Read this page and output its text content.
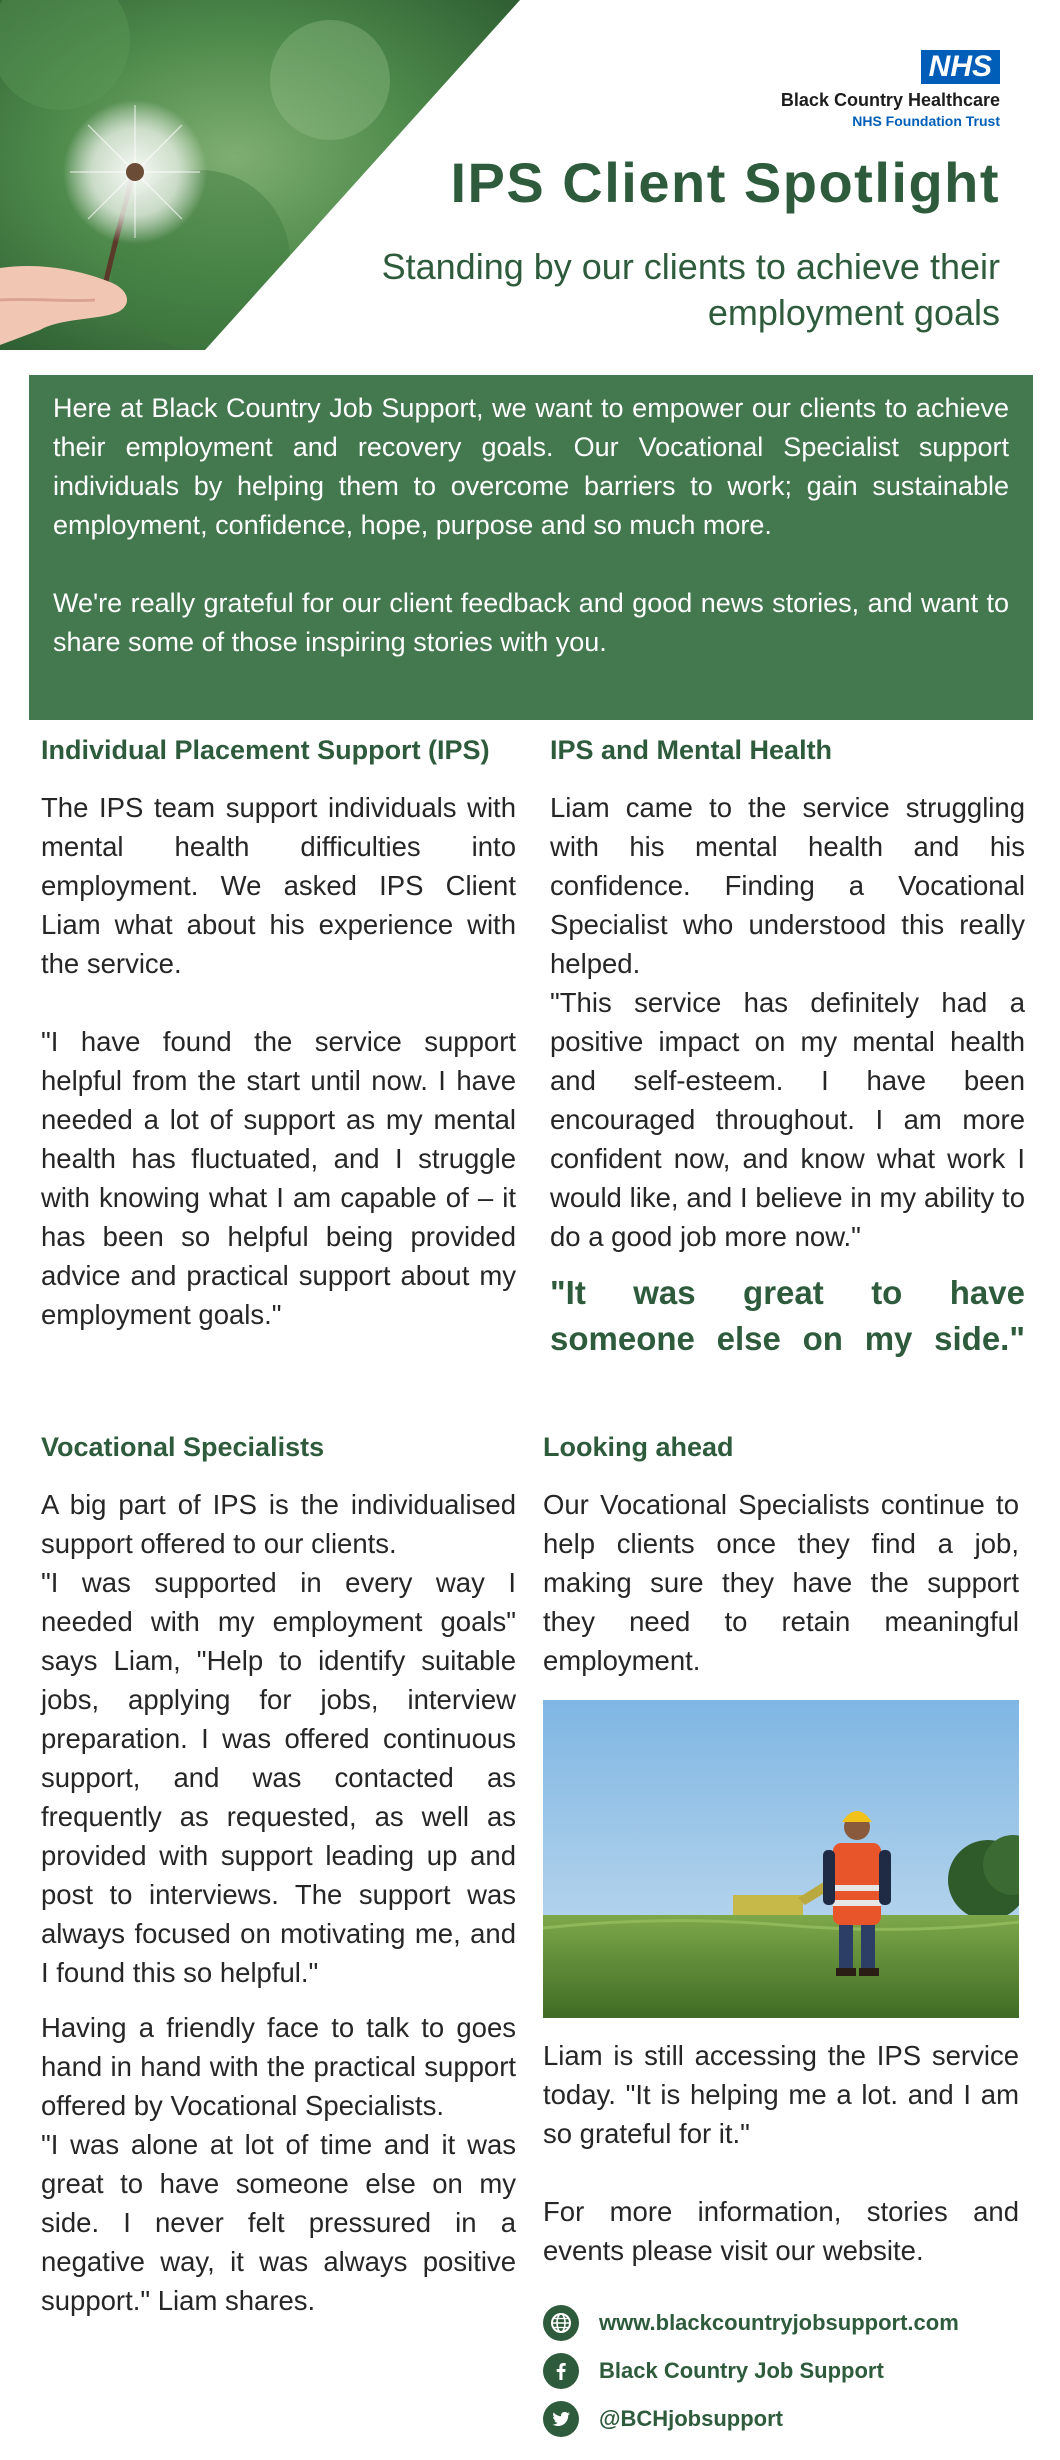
NHS
Black Country Healthcare
NHS Foundation Trust
IPS Client Spotlight
Standing by our clients to achieve their employment goals

Here at Black Country Job Support, we want to empower our clients to achieve their employment and recovery goals. Our Vocational Specialist support individuals by helping them to overcome barriers to work; gain sustainable employment, confidence, hope, purpose and so much more.

We're really grateful for our client feedback and good news stories, and want to share some of those inspiring stories with you.

Individual Placement Support (IPS)

The IPS team support individuals with mental health difficulties into employment. We asked IPS Client Liam what about his experience with the service.

"I have found the service support helpful from the start until now. I have needed a lot of support as my mental health has fluctuated, and I struggle with knowing what I am capable of – it has been so helpful being provided advice and practical support about my employment goals."

IPS and Mental Health

Liam came to the service struggling with his mental health and his confidence. Finding a Vocational Specialist who understood this really helped.

"This service has definitely had a positive impact on my mental health and self-esteem. I have been encouraged throughout. I am more confident now, and know what work I would like, and I believe in my ability to do a good job more now."

"It was great to have someone else on my side."
Vocational Specialists

A big part of IPS is the individualised support offered to our clients.

"I was supported in every way I needed with my employment goals" says Liam, "Help to identify suitable jobs, applying for jobs, interview preparation. I was offered continuous support, and was contacted as frequently as requested, as well as provided with support leading up and post to interviews. The support was always focused on motivating me, and I found this so helpful."

Having a friendly face to talk to goes hand in hand with the practical support offered by Vocational Specialists.

"I was alone at lot of time and it was great to have someone else on my side. I never felt pressured in a negative way, it was always positive support." Liam shares.

Looking ahead
Our Vocational Specialists continue to help clients once they find a job, making sure they have the support they need to retain meaningful employment.

Liam is still accessing the IPS service today. "It is helping me a lot. and I am so grateful for it."

For more information, stories and events please visit our website.

www.blackcountryjobsupport.com
Black Country Job Support
@BCHjobsupport
